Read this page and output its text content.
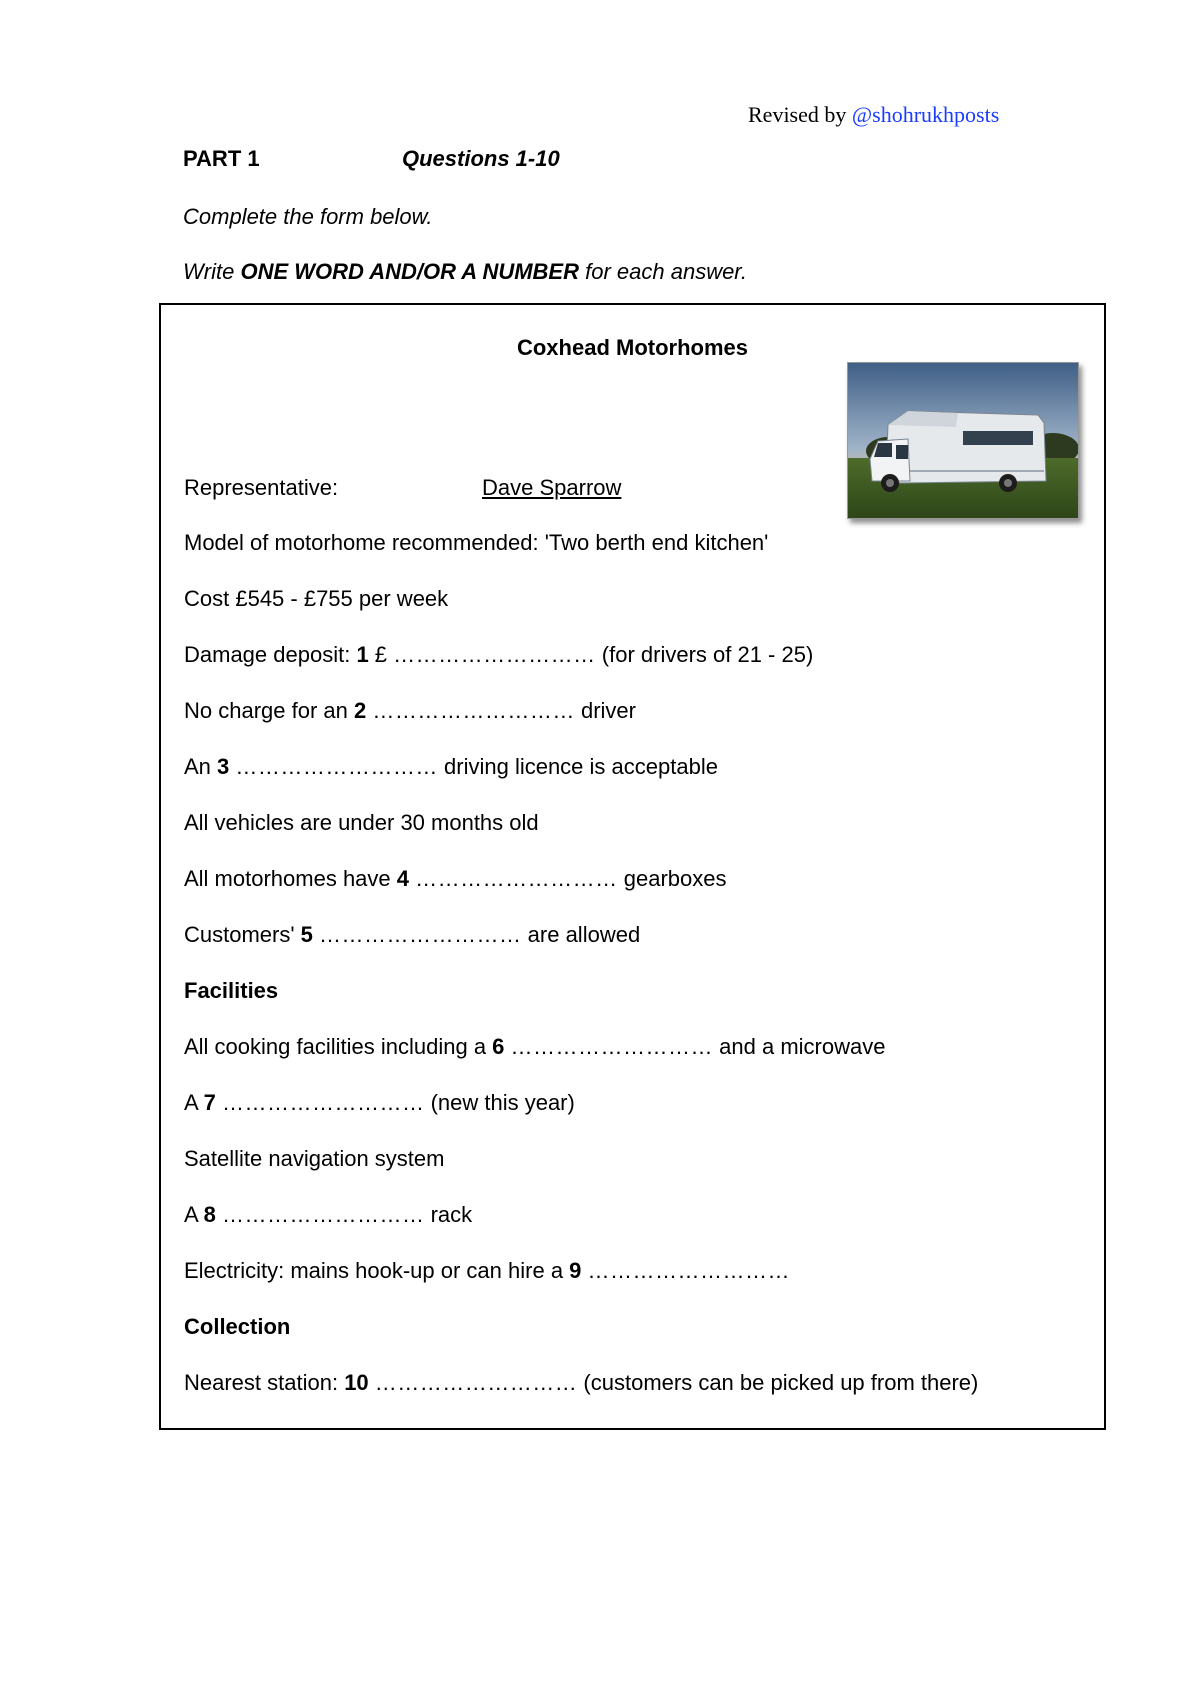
Revised by @shohrukhposts
PART 1	Questions 1-10
Complete the form below.
Write ONE WORD AND/OR A NUMBER for each answer.
Coxhead Motorhomes
Representative:	Dave Sparrow
Model of motorhome recommended: 'Two berth end kitchen'
Cost £545 - £755 per week
Damage deposit: 1 £ ……………………… (for drivers of 21 - 25)
No charge for an 2 ……………………… driver
An 3 ……………………… driving licence is acceptable
All vehicles are under 30 months old
All motorhomes have 4 ……………………… gearboxes
Customers' 5 ……………………… are allowed
Facilities
All cooking facilities including a 6 ……………………… and a microwave
A 7 ……………………… (new this year)
Satellite navigation system
A 8 ……………………… rack
Electricity: mains hook-up or can hire a 9 ………………………
Collection
Nearest station: 10 ……………………… (customers can be picked up from there)
